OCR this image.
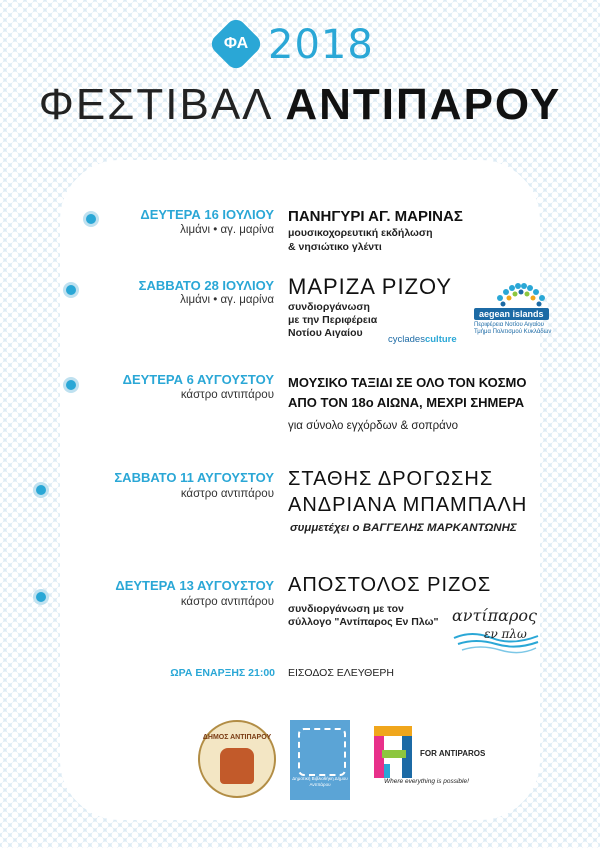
ΦΑ 2018
ΦΕΣΤΙΒΑΛ ΑΝΤΙΠΑΡΟΥ
ΔΕΥΤΕΡΑ 16 ΙΟΥΛΙΟΥ
λιμάνι • αγ. μαρίνα
ΠΑΝΗΓΥΡΙ ΑΓ. ΜΑΡΙΝΑΣ
μουσικοχορευτική εκδήλωση
& νησιώτικο γλέντι
ΣΑΒΒΑΤΟ 28 ΙΟΥΛΙΟΥ
λιμάνι • αγ. μαρίνα
ΜΑΡΙΖΑ ΡΙΖΟΥ
συνδιοργάνωση
με την Περιφέρεια
Νοτίου Αιγαίου
aegean islands
Περιφέρεια Νοτίου Αιγαίου
Τμήμα Πολιτισμού Κυκλάδων
cycladesculture
ΔΕΥΤΕΡΑ 6 ΑΥΓΟΥΣΤΟΥ
κάστρο αντιπάρου
ΜΟΥΣΙΚΟ ΤΑΞΙΔΙ ΣΕ ΟΛΟ ΤΟΝ ΚΟΣΜΟ
ΑΠΟ ΤΟΝ 18ο ΑΙΩΝΑ, ΜΕΧΡΙ ΣΗΜΕΡΑ
για σύνολο εγχόρδων & σοπράνο
ΣΑΒΒΑΤΟ 11 ΑΥΓΟΥΣΤΟΥ
κάστρο αντιπάρου
ΣΤΑΘΗΣ ΔΡΟΓΩΣΗΣ
ΑΝΔΡΙΑΝΑ ΜΠΑΜΠΑΛΗ
συμμετέχει ο ΒΑΓΓΕΛΗΣ ΜΑΡΚΑΝΤΩΝΗΣ
ΔΕΥΤΕΡΑ 13 ΑΥΓΟΥΣΤΟΥ
κάστρο αντιπάρου
ΑΠΟΣΤΟΛΟΣ ΡΙΖΟΣ
συνδιοργάνωση με τον
σύλλογο "Αντίπαρος Εν Πλω" αντίπαρος
εν πλω
ΩΡΑ ΕΝΑΡΞΗΣ 21:00 ΕΙΣΟΔΟΣ ΕΛΕΥΘΕΡΗ
ΔΗΜΟΣ ΑΝΤΙΠΑΡΟΥ
Δημοτική Βιβλιοθήκη Δήμου Αντιπάρου
FOR ANTIPAROS
Where everything is possible!
